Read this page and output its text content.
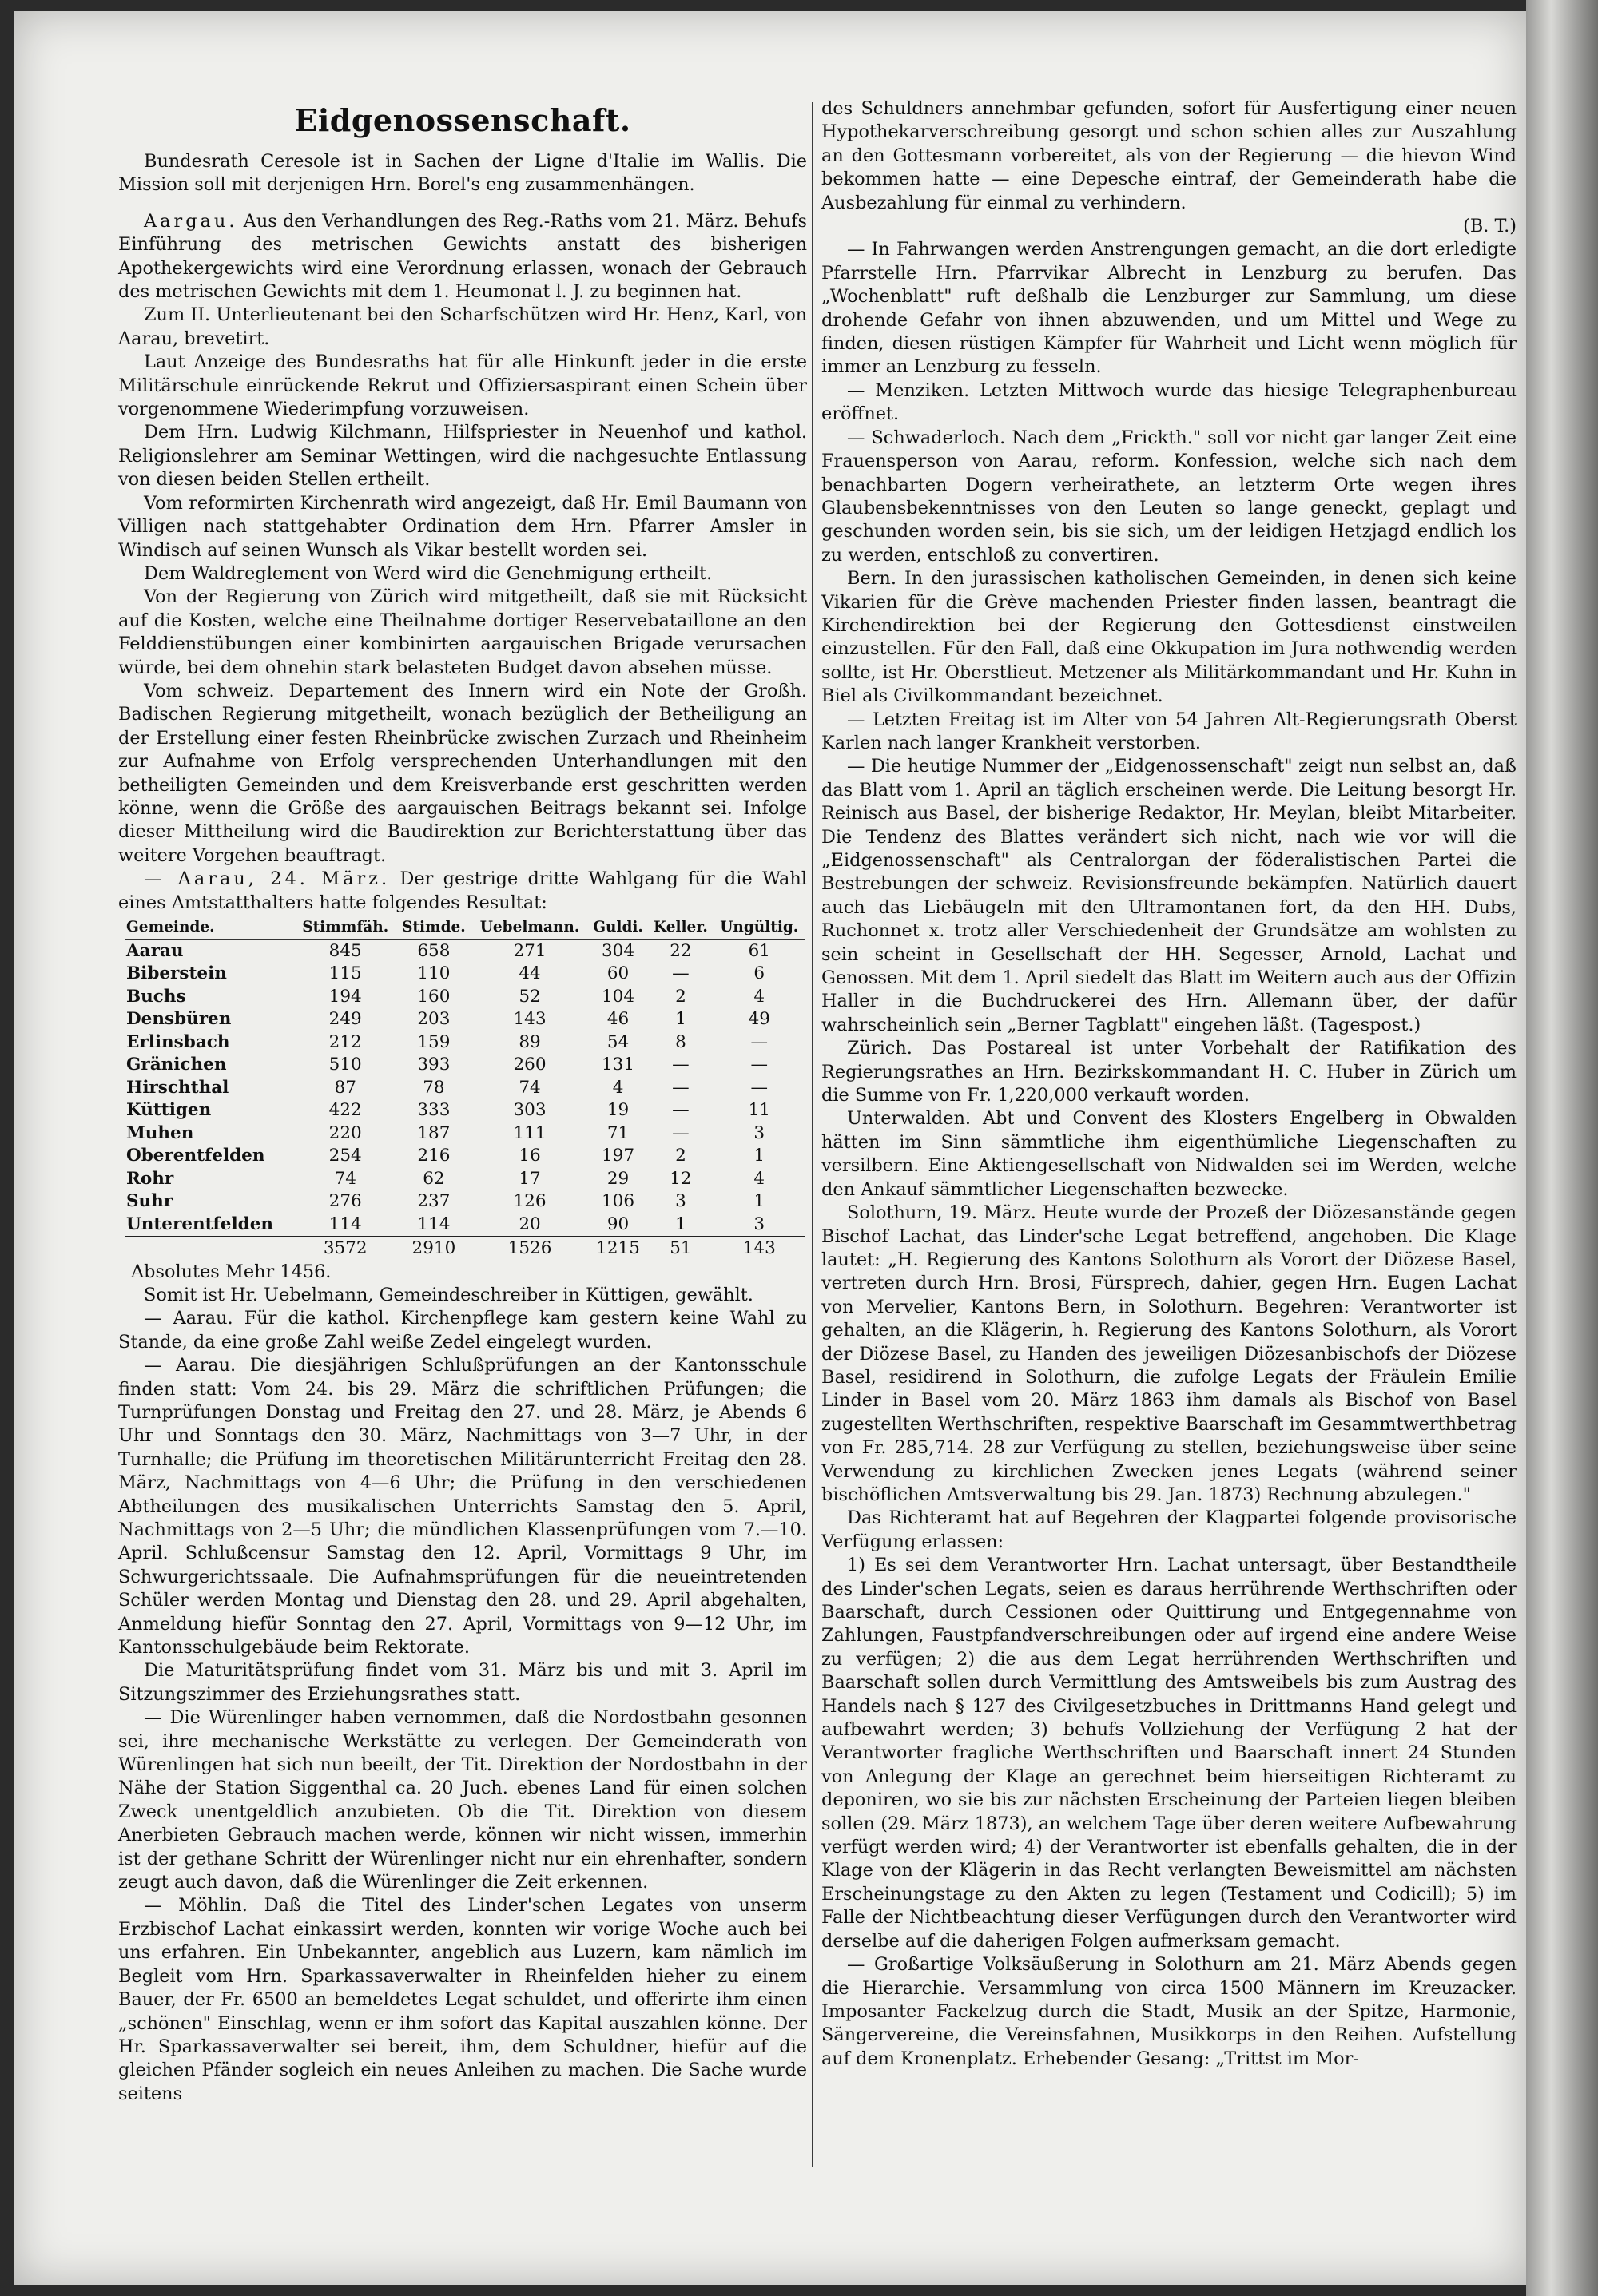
Eidgenossenschaft.

Bundesrath Ceresole ist in Sachen der Ligne d'Italie im Wallis. Die Mission soll mit derjenigen Hrn. Borel's eng zusammenhängen.

Aargau. Aus den Verhandlungen des Reg.-Raths vom 21. März. Behufs Einführung des metrischen Gewichts anstatt des bisherigen Apothekergewichts wird eine Verordnung erlassen, wonach der Gebrauch des metrischen Gewichts mit dem 1. Heumonat l. J. zu beginnen hat.

Zum II. Unterlieutenant bei den Scharfschützen wird Hr. Henz, Karl, von Aarau, brevetirt.

Laut Anzeige des Bundesraths hat für alle Hinkunft jeder in die erste Militärschule einrückende Rekrut und Offiziersaspirant einen Schein über vorgenommene Wiederimpfung vorzuweisen.

Dem Hrn. Ludwig Kilchmann, Hilfspriester in Neuenhof und kathol. Religionslehrer am Seminar Wettingen, wird die nachgesuchte Entlassung von diesen beiden Stellen ertheilt.

Vom reformirten Kirchenrath wird angezeigt, daß Hr. Emil Baumann von Villigen nach stattgehabter Ordination dem Hrn. Pfarrer Amsler in Windisch auf seinen Wunsch als Vikar bestellt worden sei.

Dem Waldreglement von Werd wird die Genehmigung ertheilt.

Von der Regierung von Zürich wird mitgetheilt, daß sie mit Rücksicht auf die Kosten, welche eine Theilnahme dortiger Reservebataillone an den Felddienstübungen einer kombinirten aargauischen Brigade verursachen würde, bei dem ohnehin stark belasteten Budget davon absehen müsse.

Vom schweiz. Departement des Innern wird ein Note der Großh. Badischen Regierung mitgetheilt, wonach bezüglich der Betheiligung an der Erstellung einer festen Rheinbrücke zwischen Zurzach und Rheinheim zur Aufnahme von Erfolg versprechenden Unterhandlungen mit den betheiligten Gemeinden und dem Kreisverbande erst geschritten werden könne, wenn die Größe des aargauischen Beitrags bekannt sei. Infolge dieser Mittheilung wird die Baudirektion zur Berichterstattung über das weitere Vorgehen beauftragt.

— Aarau, 24. März. Der gestrige dritte Wahlgang für die Wahl eines Amtstatthalters hatte folgendes Resultat:

Gemeinde.	Stimmfäh.	Stimde.	Uebelmann.	Guldi.	Keller.	Ungültig.
Aarau	845	658	271	304	22	61
Biberstein	115	110	44	60	—	6
Buchs	194	160	52	104	2	4
Densbüren	249	203	143	46	1	49
Erlinsbach	212	159	89	54	8	—
Gränichen	510	393	260	131	—	—
Hirschthal	87	78	74	4	—	—
Küttigen	422	333	303	19	—	11
Muhen	220	187	111	71	—	3
Oberentfelden	254	216	16	197	2	1
Rohr	74	62	17	29	12	4
Suhr	276	237	126	106	3	1
Unterentfelden	114	114	20	90	1	3
	3572	2910	1526	1215	51	143
Absolutes Mehr 1456.

Somit ist Hr. Uebelmann, Gemeindeschreiber in Küttigen, gewählt.

— Aarau. Für die kathol. Kirchenpflege kam gestern keine Wahl zu Stande, da eine große Zahl weiße Zedel eingelegt wurden.

— Aarau. Die diesjährigen Schlußprüfungen an der Kantonsschule finden statt: Vom 24. bis 29. März die schriftlichen Prüfungen; die Turnprüfungen Donstag und Freitag den 27. und 28. März, je Abends 6 Uhr und Sonntags den 30. März, Nachmittags von 3—7 Uhr, in der Turnhalle; die Prüfung im theoretischen Militärunterricht Freitag den 28. März, Nachmittags von 4—6 Uhr; die Prüfung in den verschiedenen Abtheilungen des musikalischen Unterrichts Samstag den 5. April, Nachmittags von 2—5 Uhr; die mündlichen Klassenprüfungen vom 7.—10. April. Schlußcensur Samstag den 12. April, Vormittags 9 Uhr, im Schwurgerichtssaale. Die Aufnahmsprüfungen für die neueintretenden Schüler werden Montag und Dienstag den 28. und 29. April abgehalten, Anmeldung hiefür Sonntag den 27. April, Vormittags von 9—12 Uhr, im Kantonsschulgebäude beim Rektorate.

Die Maturitätsprüfung findet vom 31. März bis und mit 3. April im Sitzungszimmer des Erziehungsrathes statt.

— Die Würenlinger haben vernommen, daß die Nordostbahn gesonnen sei, ihre mechanische Werkstätte zu verlegen. Der Gemeinderath von Würenlingen hat sich nun beeilt, der Tit. Direktion der Nordostbahn in der Nähe der Station Siggenthal ca. 20 Juch. ebenes Land für einen solchen Zweck unentgeldlich anzubieten. Ob die Tit. Direktion von diesem Anerbieten Gebrauch machen werde, können wir nicht wissen, immerhin ist der gethane Schritt der Würenlinger nicht nur ein ehrenhafter, sondern zeugt auch davon, daß die Würenlinger die Zeit erkennen.

— Möhlin. Daß die Titel des Linder'schen Legates von unserm Erzbischof Lachat einkassirt werden, konnten wir vorige Woche auch bei uns erfahren. Ein Unbekannter, angeblich aus Luzern, kam nämlich im Begleit vom Hrn. Sparkassaverwalter in Rheinfelden hieher zu einem Bauer, der Fr. 6500 an bemeldetes Legat schuldet, und offerirte ihm einen „schönen" Einschlag, wenn er ihm sofort das Kapital auszahlen könne. Der Hr. Sparkassaverwalter sei bereit, ihm, dem Schuldner, hiefür auf die gleichen Pfänder sogleich ein neues Anleihen zu machen. Die Sache wurde seitens

des Schuldners annehmbar gefunden, sofort für Ausfertigung einer neuen Hypothekarverschreibung gesorgt und schon schien alles zur Auszahlung an den Gottesmann vorbereitet, als von der Regierung — die hievon Wind bekommen hatte — eine Depesche eintraf, der Gemeinderath habe die Ausbezahlung für einmal zu verhindern.

(B. T.)

— In Fahrwangen werden Anstrengungen gemacht, an die dort erledigte Pfarrstelle Hrn. Pfarrvikar Albrecht in Lenzburg zu berufen. Das „Wochenblatt" ruft deßhalb die Lenzburger zur Sammlung, um diese drohende Gefahr von ihnen abzuwenden, und um Mittel und Wege zu finden, diesen rüstigen Kämpfer für Wahrheit und Licht wenn möglich für immer an Lenzburg zu fesseln.

— Menziken. Letzten Mittwoch wurde das hiesige Telegraphenbureau eröffnet.

— Schwaderloch. Nach dem „Frickth." soll vor nicht gar langer Zeit eine Frauensperson von Aarau, reform. Konfession, welche sich nach dem benachbarten Dogern verheirathete, an letzterm Orte wegen ihres Glaubensbekenntnisses von den Leuten so lange geneckt, geplagt und geschunden worden sein, bis sie sich, um der leidigen Hetzjagd endlich los zu werden, entschloß zu convertiren.

Bern. In den jurassischen katholischen Gemeinden, in denen sich keine Vikarien für die Grève machenden Priester finden lassen, beantragt die Kirchendirektion bei der Regierung den Gottesdienst einstweilen einzustellen. Für den Fall, daß eine Okkupation im Jura nothwendig werden sollte, ist Hr. Oberstlieut. Metzener als Militärkommandant und Hr. Kuhn in Biel als Civilkommandant bezeichnet.

— Letzten Freitag ist im Alter von 54 Jahren Alt-Regierungsrath Oberst Karlen nach langer Krankheit verstorben.

— Die heutige Nummer der „Eidgenossenschaft" zeigt nun selbst an, daß das Blatt vom 1. April an täglich erscheinen werde. Die Leitung besorgt Hr. Reinisch aus Basel, der bisherige Redaktor, Hr. Meylan, bleibt Mitarbeiter. Die Tendenz des Blattes verändert sich nicht, nach wie vor will die „Eidgenossenschaft" als Centralorgan der föderalistischen Partei die Bestrebungen der schweiz. Revisionsfreunde bekämpfen. Natürlich dauert auch das Liebäugeln mit den Ultramontanen fort, da den HH. Dubs, Ruchonnet x. trotz aller Verschiedenheit der Grundsätze am wohlsten zu sein scheint in Gesellschaft der HH. Segesser, Arnold, Lachat und Genossen. Mit dem 1. April siedelt das Blatt im Weitern auch aus der Offizin Haller in die Buchdruckerei des Hrn. Allemann über, der dafür wahrscheinlich sein „Berner Tagblatt" eingehen läßt. (Tagespost.)

Zürich. Das Postareal ist unter Vorbehalt der Ratifikation des Regierungsrathes an Hrn. Bezirkskommandant H. C. Huber in Zürich um die Summe von Fr. 1,220,000 verkauft worden.

Unterwalden. Abt und Convent des Klosters Engelberg in Obwalden hätten im Sinn sämmtliche ihm eigenthümliche Liegenschaften zu versilbern. Eine Aktiengesellschaft von Nidwalden sei im Werden, welche den Ankauf sämmtlicher Liegenschaften bezwecke.

Solothurn, 19. März. Heute wurde der Prozeß der Diözesanstände gegen Bischof Lachat, das Linder'sche Legat betreffend, angehoben. Die Klage lautet: „H. Regierung des Kantons Solothurn als Vorort der Diözese Basel, vertreten durch Hrn. Brosi, Fürsprech, dahier, gegen Hrn. Eugen Lachat von Mervelier, Kantons Bern, in Solothurn. Begehren: Verantworter ist gehalten, an die Klägerin, h. Regierung des Kantons Solothurn, als Vorort der Diözese Basel, zu Handen des jeweiligen Diözesanbischofs der Diözese Basel, residirend in Solothurn, die zufolge Legats der Fräulein Emilie Linder in Basel vom 20. März 1863 ihm damals als Bischof von Basel zugestellten Werthschriften, respektive Baarschaft im Gesammtwerthbetrag von Fr. 285,714. 28 zur Verfügung zu stellen, beziehungsweise über seine Verwendung zu kirchlichen Zwecken jenes Legats (während seiner bischöflichen Amtsverwaltung bis 29. Jan. 1873) Rechnung abzulegen."

Das Richteramt hat auf Begehren der Klagpartei folgende provisorische Verfügung erlassen:

1) Es sei dem Verantworter Hrn. Lachat untersagt, über Bestandtheile des Linder'schen Legats, seien es daraus herrührende Werthschriften oder Baarschaft, durch Cessionen oder Quittirung und Entgegennahme von Zahlungen, Faustpfandverschreibungen oder auf irgend eine andere Weise zu verfügen; 2) die aus dem Legat herrührenden Werthschriften und Baarschaft sollen durch Vermittlung des Amtsweibels bis zum Austrag des Handels nach § 127 des Civilgesetzbuches in Drittmanns Hand gelegt und aufbewahrt werden; 3) behufs Vollziehung der Verfügung 2 hat der Verantworter fragliche Werthschriften und Baarschaft innert 24 Stunden von Anlegung der Klage an gerechnet beim hierseitigen Richteramt zu deponiren, wo sie bis zur nächsten Erscheinung der Parteien liegen bleiben sollen (29. März 1873), an welchem Tage über deren weitere Aufbewahrung verfügt werden wird; 4) der Verantworter ist ebenfalls gehalten, die in der Klage von der Klägerin in das Recht verlangten Beweismittel am nächsten Erscheinungstage zu den Akten zu legen (Testament und Codicill); 5) im Falle der Nichtbeachtung dieser Verfügungen durch den Verantworter wird derselbe auf die daherigen Folgen aufmerksam gemacht.

— Großartige Volksäußerung in Solothurn am 21. März Abends gegen die Hierarchie. Versammlung von circa 1500 Männern im Kreuzacker. Imposanter Fackelzug durch die Stadt, Musik an der Spitze, Harmonie, Sängervereine, die Vereinsfahnen, Musikkorps in den Reihen. Aufstellung auf dem Kronenplatz. Erhebender Gesang: „Trittst im Mor-
